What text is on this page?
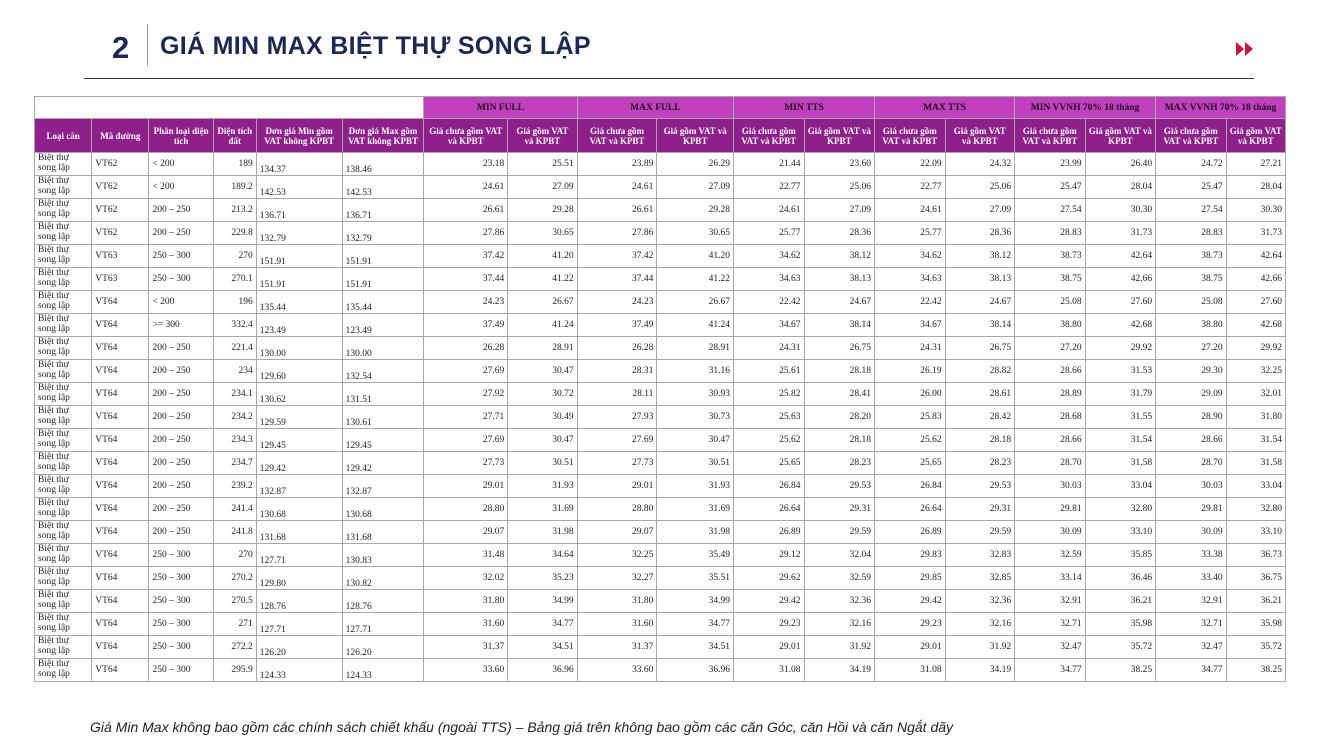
2 GIÁ MIN MAX BIỆT THỰ SONG LẬP
						MIN FULL		MAX FULL		MIN TTS		MAX TTS		MIN VVNH 70% 18 tháng		MAX VVNH 70% 18 tháng	
Loại căn	Mã đường	Phân loại diện tích	Diện tích đất	Đơn giá Min gồm VAT không KPBT	Đơn giá Max gồm VAT không KPBT	Giá chưa gồm VAT và KPBT	Giá gồm VAT và KPBT	Giá chưa gồm VAT và KPBT	Giá gồm VAT và KPBT	Giá chưa gồm VAT và KPBT	Giá gồm VAT và KPBT	Giá chưa gồm VAT và KPBT	Giá gồm VAT và KPBT	Giá chưa gồm VAT và KPBT	Giá gồm VAT và KPBT	Giá chưa gồm VAT và KPBT	Giá gồm VAT và KPBT
Biệt thự song lập	VT62	< 200	189	134.37	138.46	23.18	25.51	23.89	26.29	21.44	23.60	22.09	24.32	23.99	26.40	24.72	27.21
Biệt thự song lập	VT62	< 200	189.2	142.53	142.53	24.61	27.09	24.61	27.09	22.77	25.06	22.77	25.06	25.47	28.04	25.47	28.04
Biệt thự song lập	VT62	200 – 250	213.2	136.71	136.71	26.61	29.28	26.61	29.28	24.61	27.09	24.61	27.09	27.54	30.30	27.54	30.30
Biệt thự song lập	VT62	200 – 250	229.8	132.79	132.79	27.86	30.65	27.86	30.65	25.77	28.36	25.77	28.36	28.83	31.73	28.83	31.73
Biệt thự song lập	VT63	250 – 300	270	151.91	151.91	37.42	41.20	37.42	41.20	34.62	38.12	34.62	38.12	38.73	42.64	38.73	42.64
Biệt thự song lập	VT63	250 – 300	270.1	151.91	151.91	37.44	41.22	37.44	41.22	34.63	38.13	34.63	38.13	38.75	42.66	38.75	42.66
Biệt thự song lập	VT64	< 200	196	135.44	135.44	24.23	26.67	24.23	26.67	22.42	24.67	22.42	24.67	25.08	27.60	25.08	27.60
Biệt thự song lập	VT64	>= 300	332.4	123.49	123.49	37.49	41.24	37.49	41.24	34.67	38.14	34.67	38.14	38.80	42.68	38.80	42.68
Biệt thự song lập	VT64	200 – 250	221.4	130.00	130.00	26.28	28.91	26.28	28.91	24.31	26.75	24.31	26.75	27.20	29.92	27.20	29.92
Biệt thự song lập	VT64	200 – 250	234	129.60	132.54	27.69	30.47	28.31	31.16	25.61	28.18	26.19	28.82	28.66	31.53	29.30	32.25
Biệt thự song lập	VT64	200 – 250	234.1	130.62	131.51	27.92	30.72	28.11	30.93	25.82	28.41	26.00	28.61	28.89	31.79	29.09	32.01
Biệt thự song lập	VT64	200 – 250	234.2	129.59	130.61	27.71	30.49	27.93	30.73	25.63	28.20	25.83	28.42	28.68	31.55	28.90	31.80
Biệt thự song lập	VT64	200 – 250	234.3	129.45	129.45	27.69	30.47	27.69	30.47	25.62	28.18	25.62	28.18	28.66	31.54	28.66	31.54
Biệt thự song lập	VT64	200 – 250	234.7	129.42	129.42	27.73	30.51	27.73	30.51	25.65	28.23	25.65	28.23	28.70	31.58	28.70	31.58
Biệt thự song lập	VT64	200 – 250	239.2	132.87	132.87	29.01	31.93	29.01	31.93	26.84	29.53	26.84	29.53	30.03	33.04	30.03	33.04
Biệt thự song lập	VT64	200 – 250	241.4	130.68	130.68	28.80	31.69	28.80	31.69	26.64	29.31	26.64	29.31	29.81	32.80	29.81	32.80
Biệt thự song lập	VT64	200 – 250	241.8	131.68	131.68	29.07	31.98	29.07	31.98	26.89	29.59	26.89	29.59	30.09	33.10	30.09	33.10
Biệt thự song lập	VT64	250 – 300	270	127.71	130.83	31.48	34.64	32.25	35.49	29.12	32.04	29.83	32.83	32.59	35.85	33.38	36.73
Biệt thự song lập	VT64	250 – 300	270.2	129.80	130.82	32.02	35.23	32.27	35.51	29.62	32.59	29.85	32.85	33.14	36.46	33.40	36.75
Biệt thự song lập	VT64	250 – 300	270.5	128.76	128.76	31.80	34.99	31.80	34.99	29.42	32.36	29.42	32.36	32.91	36.21	32.91	36.21
Biệt thự song lập	VT64	250 – 300	271	127.71	127.71	31.60	34.77	31.60	34.77	29.23	32.16	29.23	32.16	32.71	35.98	32.71	35.98
Biệt thự song lập	VT64	250 – 300	272.2	126.20	126.20	31.37	34.51	31.37	34.51	29.01	31.92	29.01	31.92	32.47	35.72	32.47	35.72
Biệt thự song lập	VT64	250 – 300	295.9	124.33	124.33	33.60	36.96	33.60	36.96	31.08	34.19	31.08	34.19	34.77	38.25	34.77	38.25
Giá Min Max không bao gồm các chính sách chiết khấu (ngoài TTS) – Bảng giá trên không bao gồm các căn Góc, căn Hồi và căn Ngắt dãy
